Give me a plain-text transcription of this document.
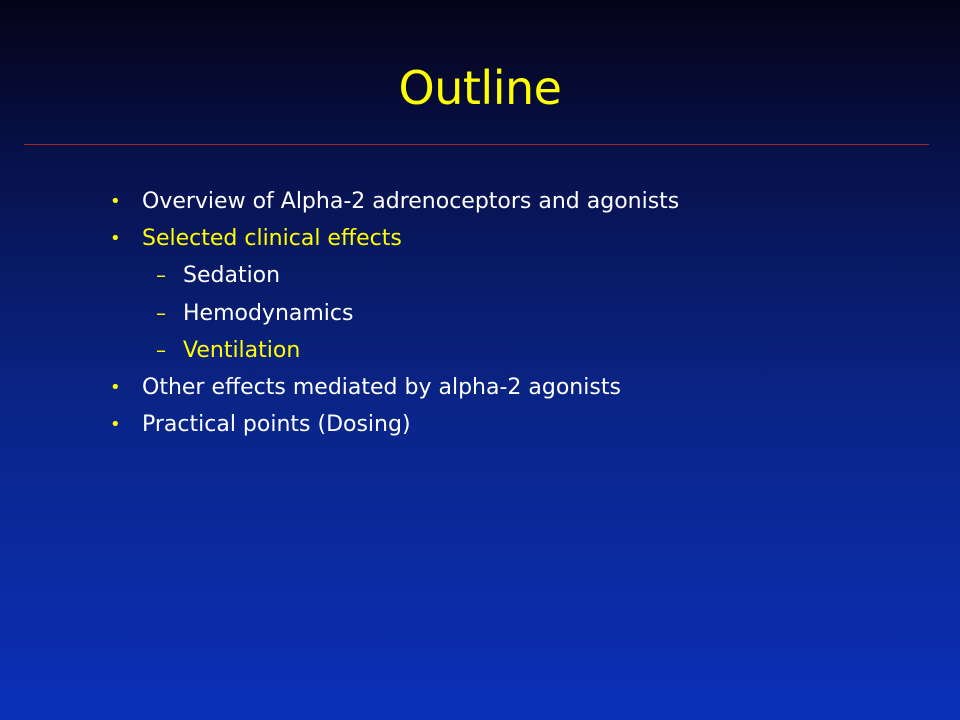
Outline
• Overview of Alpha-2 adrenoceptors and agonists
• Selected clinical effects
– Sedation
– Hemodynamics
– Ventilation
• Other effects mediated by alpha-2 agonists
• Practical points (Dosing)
